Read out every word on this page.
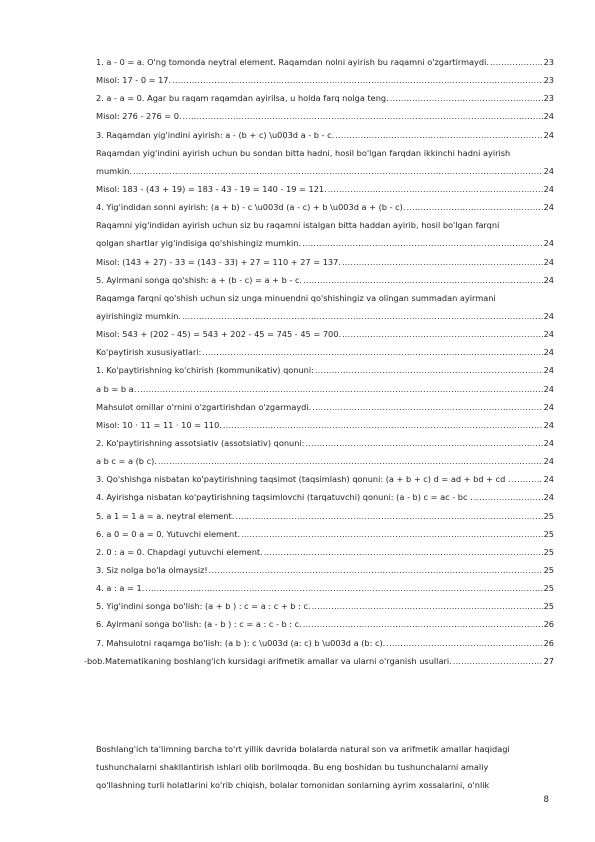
1. a - 0 = a. O'ng tomonda neytral element. Raqamdan nolni ayirish bu raqamni o'zgartirmaydi. .....	23
Misol: 17 - 0 = 17. .....	23
2. a - a = 0. Agar bu raqam raqamdan ayirilsa, u holda farq nolga teng. .....	23
Misol: 276 - 276 = 0. .....	24
3. Raqamdan yig'indini ayirish: a - (b + c) \u003d a - b - c. .....	24
Raqamdan yig'indini ayirish uchun bu sondan bitta hadni, hosil bo'lgan farqdan ikkinchi hadni ayirish
mumkin. .....	24
Misol: 183 - (43 + 19) = 183 - 43 - 19 = 140 - 19 = 121. .....	24
4. Yig'indidan sonni ayirish: (a + b) - c \u003d (a - c) + b \u003d a + (b - c). .....	24
Raqamni yig'indidan ayirish uchun siz bu raqamni istalgan bitta haddan ayirib, hosil bo'lgan farqni
qolgan shartlar yig'indisiga qo'shishingiz mumkin. .....	24
Misol: (143 + 27) - 33 = (143 - 33) + 27 = 110 + 27 = 137. .....	24
5. Ayirmani songa qo'shish: a + (b - c) = a + b - c. .....	24
Raqamga farqni qo'shish uchun siz unga minuendni qo'shishingiz va olingan summadan ayirmani
ayirishingiz mumkin. .....	24
Misol: 543 + (202 - 45) = 543 + 202 - 45 = 745 - 45 = 700. .....	24
Ko'paytirish xususiyatlari: .....	24
1. Ko'paytirishning ko'chirish (kommunikativ) qonuni: .....	24
a b = b a. .....	24
Mahsulot omillar o'rnini o'zgartirishdan o'zgarmaydi. .....	24
Misol: 10 · 11 = 11 · 10 = 110. .....	24
2. Ko'paytirishning assotsiativ (assotsiativ) qonuni: .....	24
a b c = a (b c). .....	24
3. Qo'shishga nisbatan ko'paytirishning taqsimot (taqsimlash) qonuni: (a + b + c) d = ad + bd + cd . .....	24
4. Ayirishga nisbatan ko'paytirishning taqsimlovchi (tarqatuvchi) qonuni: (a - b) c = ac - bc . .....	24
5. a 1 = 1 a = a. neytral element. .....	25
6. a 0 = 0 a = 0. Yutuvchi element. .....	25
2. 0 : a = 0. Chapdagi yutuvchi element. .....	25
3. Siz nolga bo'la olmaysiz! .....	25
4. a : a = 1. .....	25
5. Yig'indini songa bo'lish: (a + b ) : c = a : c + b : c. .....	25
6. Ayirmani songa bo'lish: (a - b ) : c = a : c - b : c. .....	26
7. Mahsulotni raqamga bo'lish: (a b ): c \u003d (a: c) b \u003d a (b: c). .....	26
-bob.Matematikaning boshlang'ich kursidagi arifmetik amallar va ularni o'rganish usullari. .....	27
Boshlang'ich ta'limning barcha to'rt yillik davrida bolalarda natural son va arifmetik amallar haqidagi
tushunchalarni shakllantirish ishlari olib borilmoqda. Bu eng boshidan bu tushunchalarni amaliy
qo'llashning turli holatlarini ko'rib chiqish, bolalar tomonidan sonlarning ayrim xossalarini, o'nlik
8
